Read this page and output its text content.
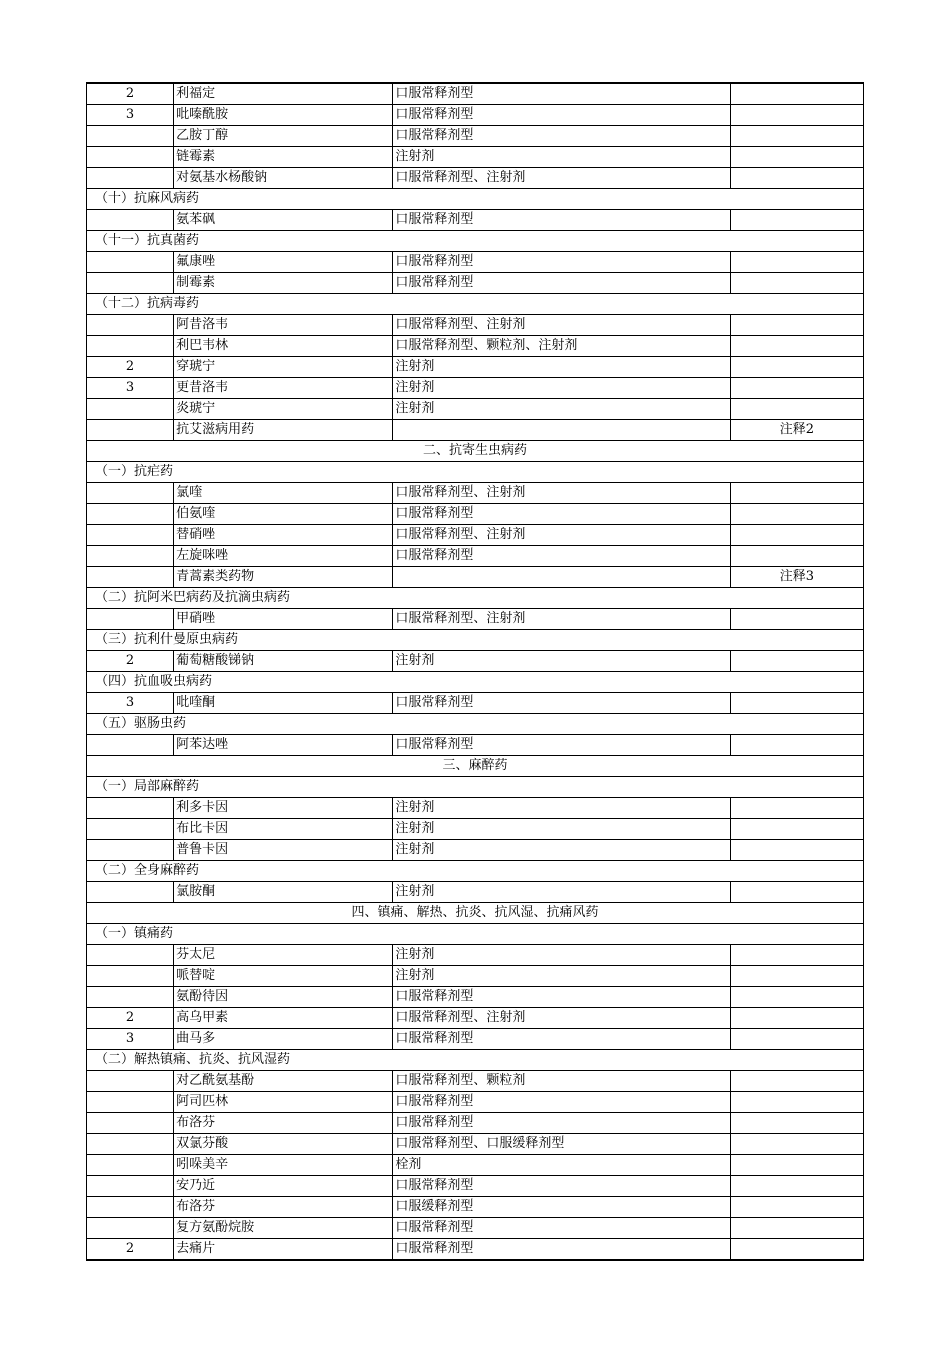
2	利福定	口服常释剂型	
3	吡嗪酰胺	口服常释剂型	
	乙胺丁醇	口服常释剂型	
	链霉素	注射剂	
	对氨基水杨酸钠	口服常释剂型、注射剂	
（十）抗麻风病药			
	氨苯砜	口服常释剂型	
（十一）抗真菌药			
	氟康唑	口服常释剂型	
	制霉素	口服常释剂型	
（十二）抗病毒药			
	阿昔洛韦	口服常释剂型、注射剂	
	利巴韦林	口服常释剂型、颗粒剂、注射剂	
2	穿琥宁	注射剂	
3	更昔洛韦	注射剂	
	炎琥宁	注射剂	
	抗艾滋病用药		注释2
二、抗寄生虫病药			
（一）抗疟药			
	氯喹	口服常释剂型、注射剂	
	伯氨喹	口服常释剂型	
	替硝唑	口服常释剂型、注射剂	
	左旋咪唑	口服常释剂型	
	青蒿素类药物		注释3
（二）抗阿米巴病药及抗滴虫病药			
	甲硝唑	口服常释剂型、注射剂	
（三）抗利什曼原虫病药			
2	葡萄糖酸锑钠	注射剂	
（四）抗血吸虫病药			
3	吡喹酮	口服常释剂型	
（五）驱肠虫药			
	阿苯达唑	口服常释剂型	
三、麻醉药			
（一）局部麻醉药			
	利多卡因	注射剂	
	布比卡因	注射剂	
	普鲁卡因	注射剂	
（二）全身麻醉药			
	氯胺酮	注射剂	
四、镇痛、解热、抗炎、抗风湿、抗痛风药			
（一）镇痛药			
	芬太尼	注射剂	
	哌替啶	注射剂	
	氨酚待因	口服常释剂型	
2	高乌甲素	口服常释剂型、注射剂	
3	曲马多	口服常释剂型	
（二）解热镇痛、抗炎、抗风湿药			
	对乙酰氨基酚	口服常释剂型、颗粒剂	
	阿司匹林	口服常释剂型	
	布洛芬	口服常释剂型	
	双氯芬酸	口服常释剂型、口服缓释剂型	
	吲哚美辛	栓剂	
	安乃近	口服常释剂型	
	布洛芬	口服缓释剂型	
	复方氨酚烷胺	口服常释剂型	
2	去痛片	口服常释剂型	
